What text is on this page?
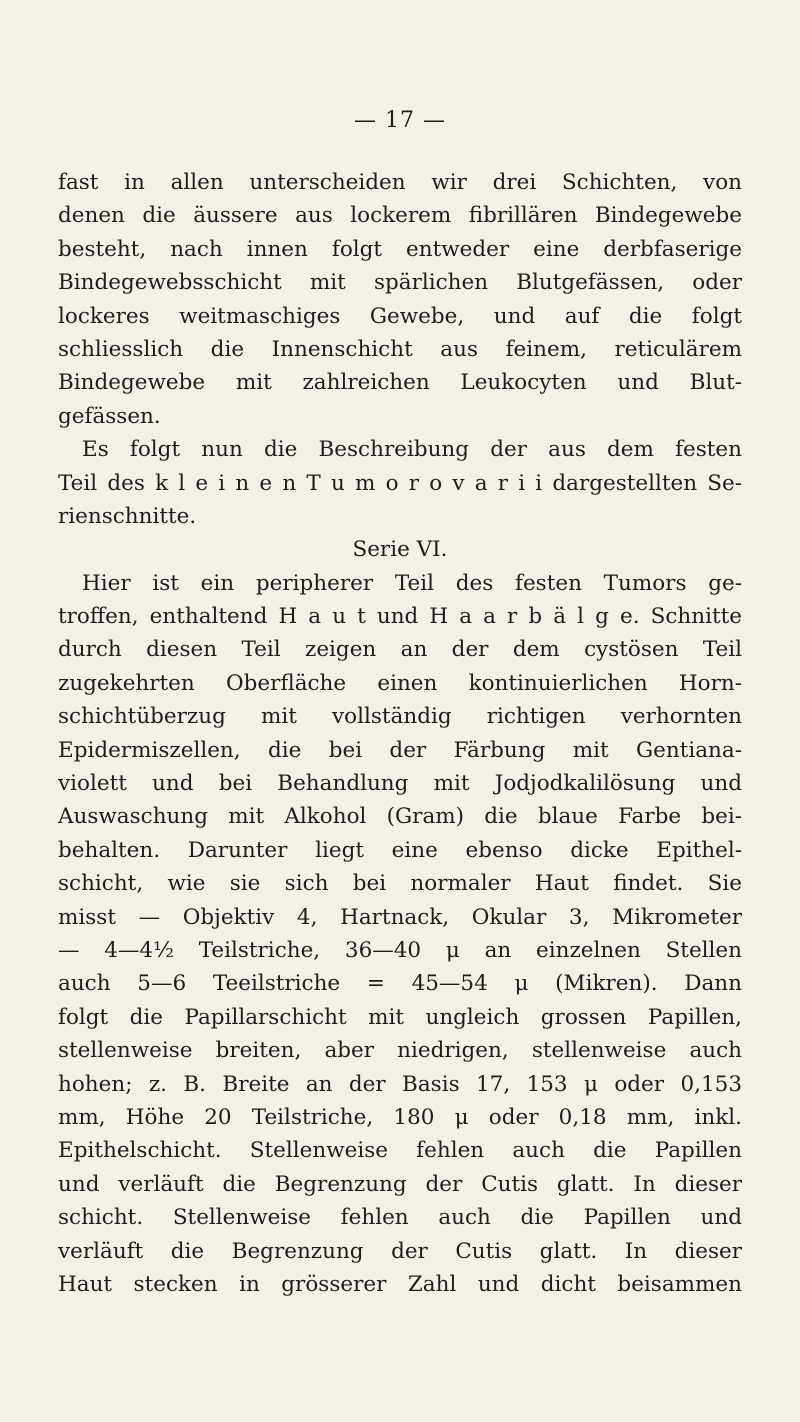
— 17 —
fast in allen unterscheiden wir drei Schichten, von
denen die äussere aus lockerem fibrillären Bindegewebe
besteht, nach innen folgt entweder eine derbfaserige
Bindegewebsschicht mit spärlichen Blutgefässen, oder
lockeres weitmaschiges Gewebe, und auf die folgt
schliesslich die Innenschicht aus feinem, reticulärem
Bindegewebe mit zahlreichen Leukocyten und Blut-
gefässen.
Es folgt nun die Beschreibung der aus dem festen
Teil des k l e i n e n T u m o r o v a r i i dargestellten Se-
rienschnitte.
Serie VI.
Hier ist ein peripherer Teil des festen Tumors ge-
troffen, enthaltend H a u t und H a a r b ä l g e. Schnitte
durch diesen Teil zeigen an der dem cystösen Teil
zugekehrten Oberfläche einen kontinuierlichen Horn-
schichtüberzug mit vollständig richtigen verhornten
Epidermiszellen, die bei der Färbung mit Gentiana-
violett und bei Behandlung mit Jodjodkalilösung und
Auswaschung mit Alkohol (Gram) die blaue Farbe bei-
behalten. Darunter liegt eine ebenso dicke Epithel-
schicht, wie sie sich bei normaler Haut findet. Sie
misst — Objektiv 4, Hartnack, Okular 3, Mikrometer
— 4—4½ Teilstriche, 36—40 μ an einzelnen Stellen
auch 5—6 Teeilstriche = 45—54 μ (Mikren). Dann
folgt die Papillarschicht mit ungleich grossen Papillen,
stellenweise breiten, aber niedrigen, stellenweise auch
hohen; z. B. Breite an der Basis 17, 153 μ oder 0,153
mm, Höhe 20 Teilstriche, 180 μ oder 0,18 mm, inkl.
Epithelschicht. Stellenweise fehlen auch die Papillen
und verläuft die Begrenzung der Cutis glatt. In dieser
schicht. Stellenweise fehlen auch die Papillen und
verläuft die Begrenzung der Cutis glatt. In dieser
Haut stecken in grösserer Zahl und dicht beisammen
